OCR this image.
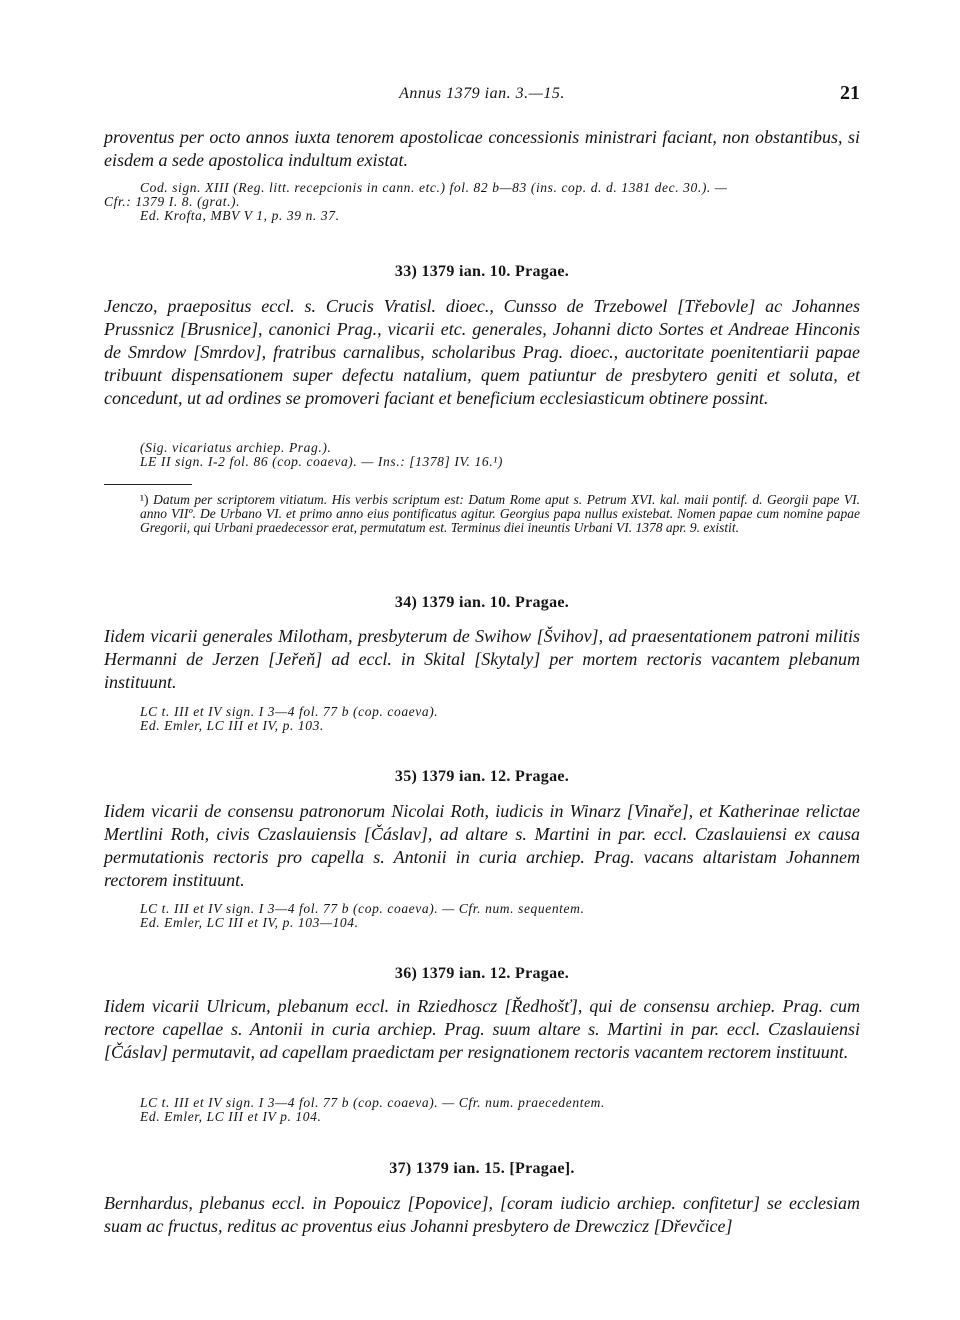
Annus 1379 ian. 3.—15.	21

proventus per octo annos iuxta tenorem apostolicae concessionis ministrari faciant, non obstantibus, si eisdem a sede apostolica indultum existat.

Cod. sign. XIII (Reg. litt. recepcionis in cann. etc.) fol. 82 b—83 (ins. cop. d. d. 1381 dec. 30.). —
Cfr.: 1379 I. 8. (grat.).
Ed. Krofta, MBV V 1, p. 39 n. 37.
33) 1379 ian. 10. Pragae.

Jenczo, praepositus eccl. s. Crucis Vratisl. dioec., Cunsso de Trzebowel [Třebovle] ac Johannes Prussnicz [Brusnice], canonici Prag., vicarii etc. generales, Johanni dicto Sortes et Andreae Hinconis de Smrdow [Smrdov], fratribus carnalibus, scholaribus Prag. dioec., auctoritate poenitentiarii papae tribuunt dispensationem super defectu natalium, quem patiuntur de presbytero geniti et soluta, et concedunt, ut ad ordines se promoveri faciant et beneficium ecclesiasticum obtinere possint.

(Sig. vicariatus archiep. Prag.).
LE II sign. I-2 fol. 86 (cop. coaeva). — Ins.: [1378] IV. 16.¹)

¹) Datum per scriptorem vitiatum. His verbis scriptum est: Datum Rome aput s. Petrum XVI. kal. maii pontif. d. Georgii pape VI. anno VIIº. De Urbano VI. et primo anno eius pontificatus agitur. Georgius papa nullus existebat. Nomen papae cum nomine papae Gregorii, qui Urbani praedecessor erat, permutatum est. Terminus diei ineuntis Urbani VI. 1378 apr. 9. existit.

34) 1379 ian. 10. Pragae.

Iidem vicarii generales Milotham, presbyterum de Swihow [Švihov], ad praesentationem patroni militis Hermanni de Jerzen [Jeřeň] ad eccl. in Skital [Skytaly] per mortem rectoris vacantem plebanum instituunt.

LC t. III et IV sign. I 3—4 fol. 77 b (cop. coaeva).
Ed. Emler, LC III et IV, p. 103.
35) 1379 ian. 12. Pragae.

Iidem vicarii de consensu patronorum Nicolai Roth, iudicis in Winarz [Vinaře], et Katherinae relictae Mertlini Roth, civis Czaslauiensis [Čáslav], ad altare s. Martini in par. eccl. Czaslauiensi ex causa permutationis rectoris pro capella s. Antonii in curia archiep. Prag. vacans altaristam Johannem rectorem instituunt.

LC t. III et IV sign. I 3—4 fol. 77 b (cop. coaeva). — Cfr. num. sequentem.
Ed. Emler, LC III et IV, p. 103—104.
36) 1379 ian. 12. Pragae.

Iidem vicarii Ulricum, plebanum eccl. in Rziedhoscz [Ředhošť], qui de consensu archiep. Prag. cum rectore capellae s. Antonii in curia archiep. Prag. suum altare s. Martini in par. eccl. Czaslauiensi [Čáslav] permutavit, ad capellam praedictam per resignationem rectoris vacantem rectorem instituunt.

LC t. III et IV sign. I 3—4 fol. 77 b (cop. coaeva). — Cfr. num. praecedentem.
Ed. Emler, LC III et IV p. 104.
37) 1379 ian. 15. [Pragae].

Bernhardus, plebanus eccl. in Popouicz [Popovice], [coram iudicio archiep. confitetur] se ecclesiam suam ac fructus, reditus ac proventus eius Johanni presbytero de Drewczicz [Dřevčice]
